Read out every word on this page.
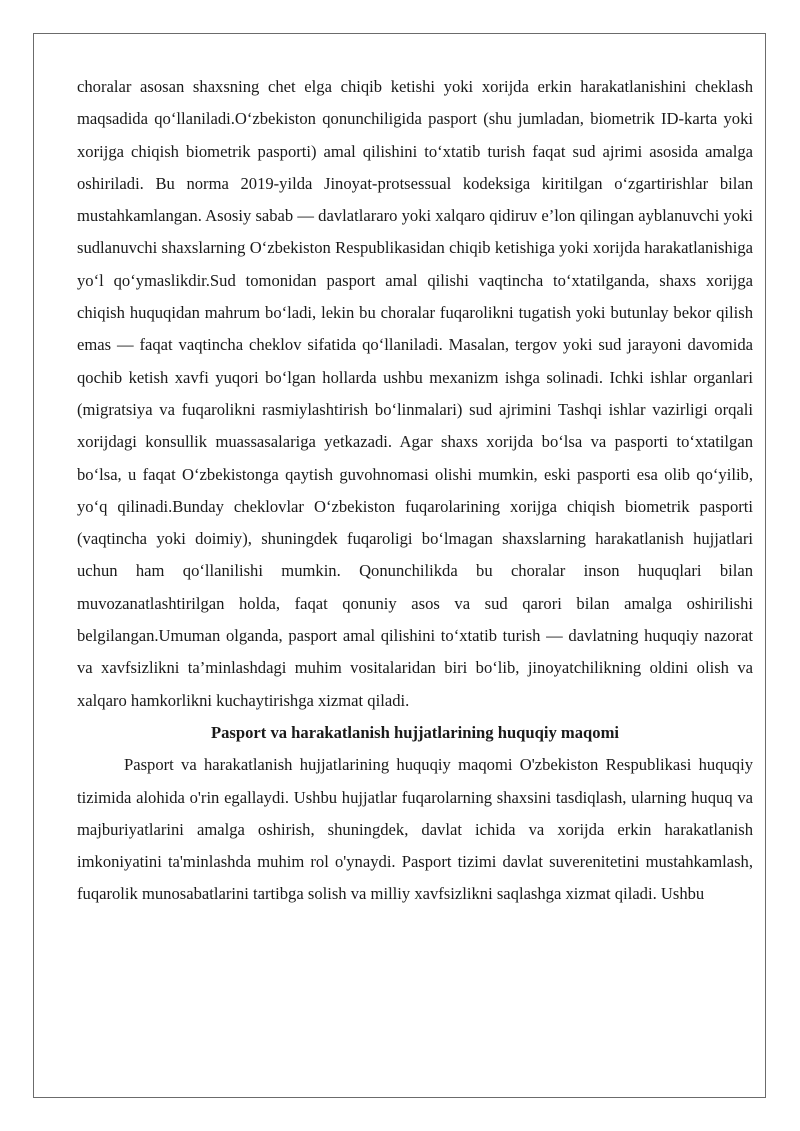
choralar asosan shaxsning chet elga chiqib ketishi yoki xorijda erkin harakatlanishini cheklash maqsadida qo‘llaniladi.O‘zbekiston qonunchiligida pasport (shu jumladan, biometrik ID-karta yoki xorijga chiqish biometrik pasporti) amal qilishini to‘xtatib turish faqat sud ajrimi asosida amalga oshiriladi. Bu norma 2019-yilda Jinoyat-protsessual kodeksiga kiritilgan o‘zgartirishlar bilan mustahkamlangan. Asosiy sabab — davlatlararo yoki xalqaro qidiruv e’lon qilingan ayblanuvchi yoki sudlanuvchi shaxslarning O‘zbekiston Respublikasidan chiqib ketishiga yoki xorijda harakatlanishiga yo‘l qo‘ymaslikdir.Sud tomonidan pasport amal qilishi vaqtincha to‘xtatilganda, shaxs xorijga chiqish huquqidan mahrum bo‘ladi, lekin bu choralar fuqarolikni tugatish yoki butunlay bekor qilish emas — faqat vaqtincha cheklov sifatida qo‘llaniladi. Masalan, tergov yoki sud jarayoni davomida qochib ketish xavfi yuqori bo‘lgan hollarda ushbu mexanizm ishga solinadi. Ichki ishlar organlari (migratsiya va fuqarolikni rasmiylashtirish bo‘linmalari) sud ajrimini Tashqi ishlar vazirligi orqali xorijdagi konsullik muassasalariga yetkazadi. Agar shaxs xorijda bo‘lsa va pasporti to‘xtatilgan bo‘lsa, u faqat O‘zbekistonga qaytish guvohnomasi olishi mumkin, eski pasporti esa olib qo‘yilib, yo‘q qilinadi.Bunday cheklovlar O‘zbekiston fuqarolarining xorijga chiqish biometrik pasporti (vaqtincha yoki doimiy), shuningdek fuqaroligi bo‘lmagan shaxslarning harakatlanish hujjatlari uchun ham qo‘llanilishi mumkin. Qonunchilikda bu choralar inson huquqlari bilan muvozanatlashtirilgan holda, faqat qonuniy asos va sud qarori bilan amalga oshirilishi belgilangan.Umuman olganda, pasport amal qilishini to‘xtatib turish — davlatning huquqiy nazorat va xavfsizlikni ta’minlashdagi muhim vositalaridan biri bo‘lib, jinoyatchilikning oldini olish va xalqaro hamkorlikni kuchaytirishga xizmat qiladi.

Pasport va harakatlanish hujjatlarining huquqiy maqomi

Pasport va harakatlanish hujjatlarining huquqiy maqomi O'zbekiston Respublikasi huquqiy tizimida alohida o'rin egallaydi. Ushbu hujjatlar fuqarolarning shaxsini tasdiqlash, ularning huquq va majburiyatlarini amalga oshirish, shuningdek, davlat ichida va xorijda erkin harakatlanish imkoniyatini ta'minlashda muhim rol o'ynaydi. Pasport tizimi davlat suverenitetini mustahkamlash, fuqarolik munosabatlarini tartibga solish va milliy xavfsizlikni saqlashga xizmat qiladi. Ushbu
